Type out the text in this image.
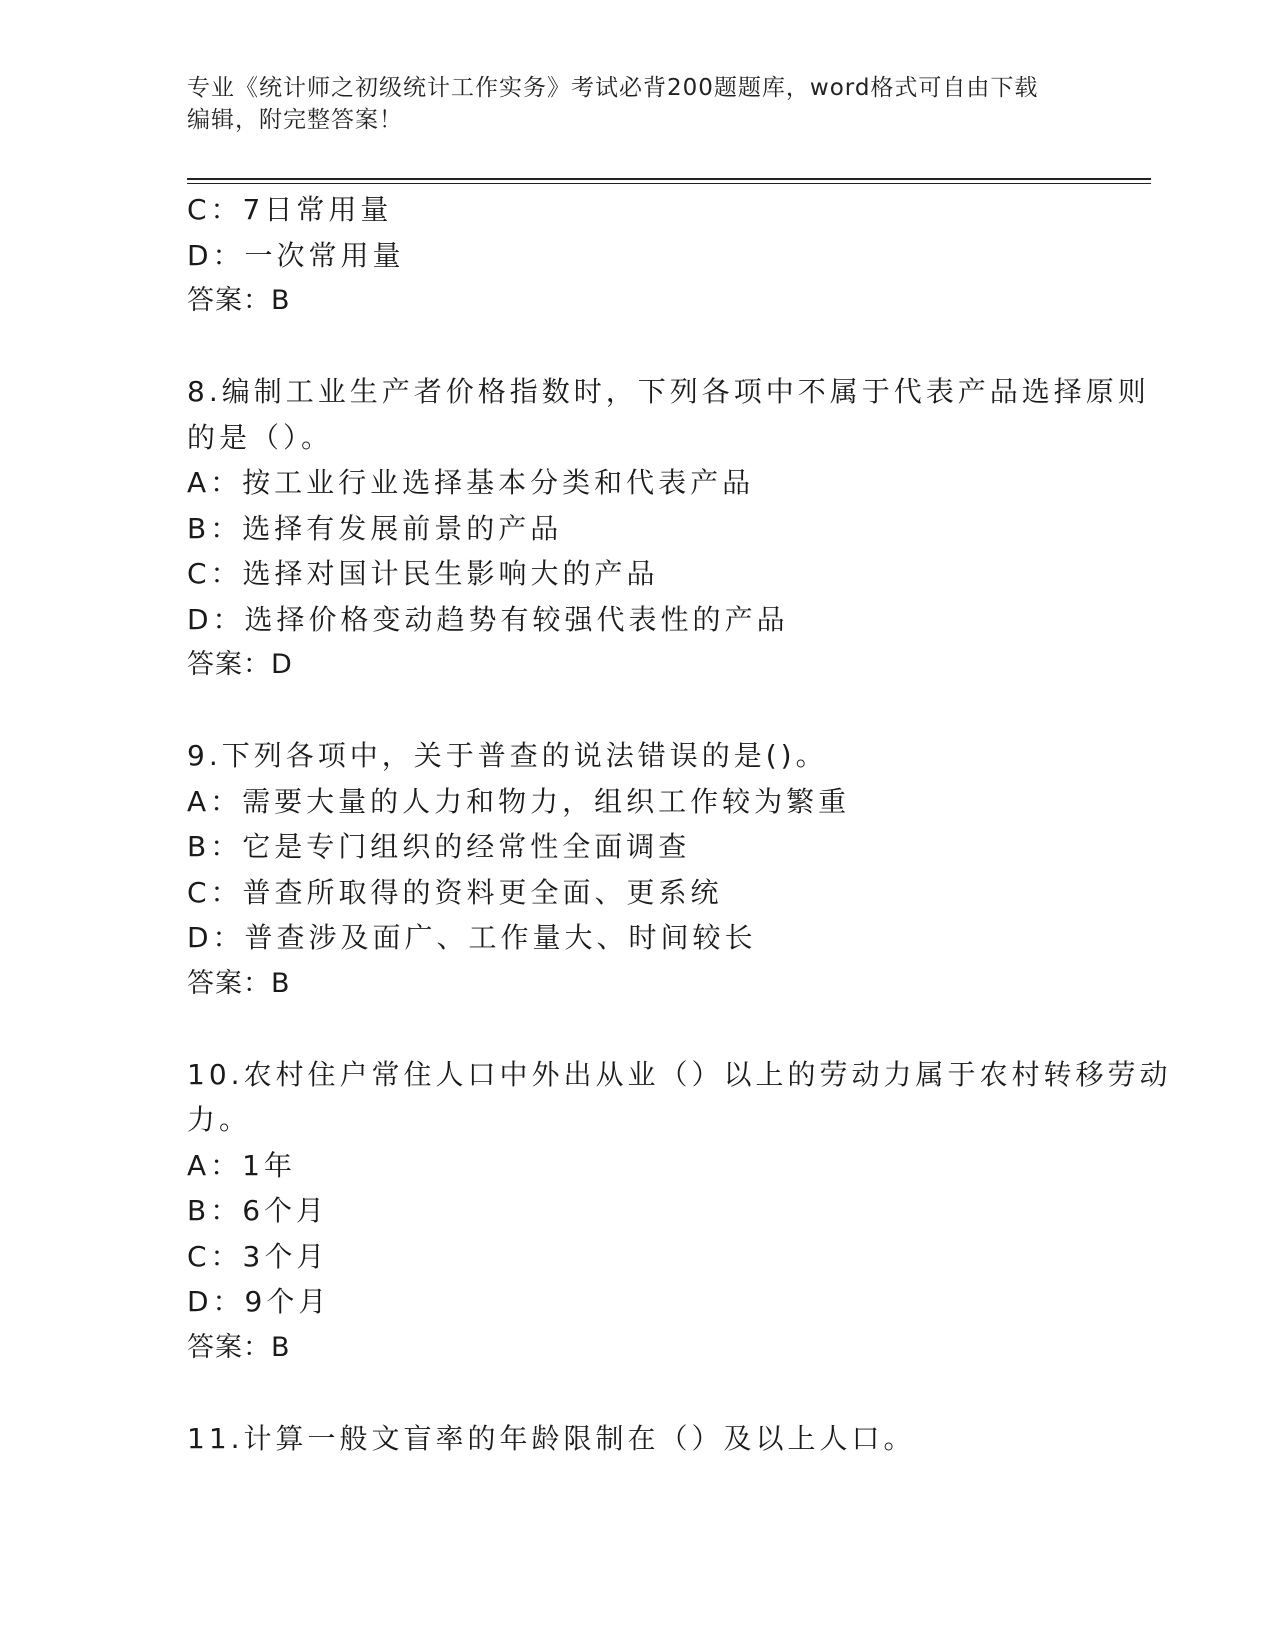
专业《统计师之初级统计工作实务》考试必背200题题库，word格式可自由下载
编辑，附完整答案！
C：7日常用量
D：一次常用量
答案：B
8.编制工业生产者价格指数时，下列各项中不属于代表产品选择原则
的是（）。
A：按工业行业选择基本分类和代表产品
B：选择有发展前景的产品
C：选择对国计民生影响大的产品
D：选择价格变动趋势有较强代表性的产品
答案：D
9.下列各项中，关于普查的说法错误的是()。
A：需要大量的人力和物力，组织工作较为繁重
B：它是专门组织的经常性全面调查
C：普查所取得的资料更全面、更系统
D：普查涉及面广、工作量大、时间较长
答案：B
10.农村住户常住人口中外出从业（）以上的劳动力属于农村转移劳动
力。
A：1年
B：6个月
C：3个月
D：9个月
答案：B
11.计算一般文盲率的年龄限制在（）及以上人口。
